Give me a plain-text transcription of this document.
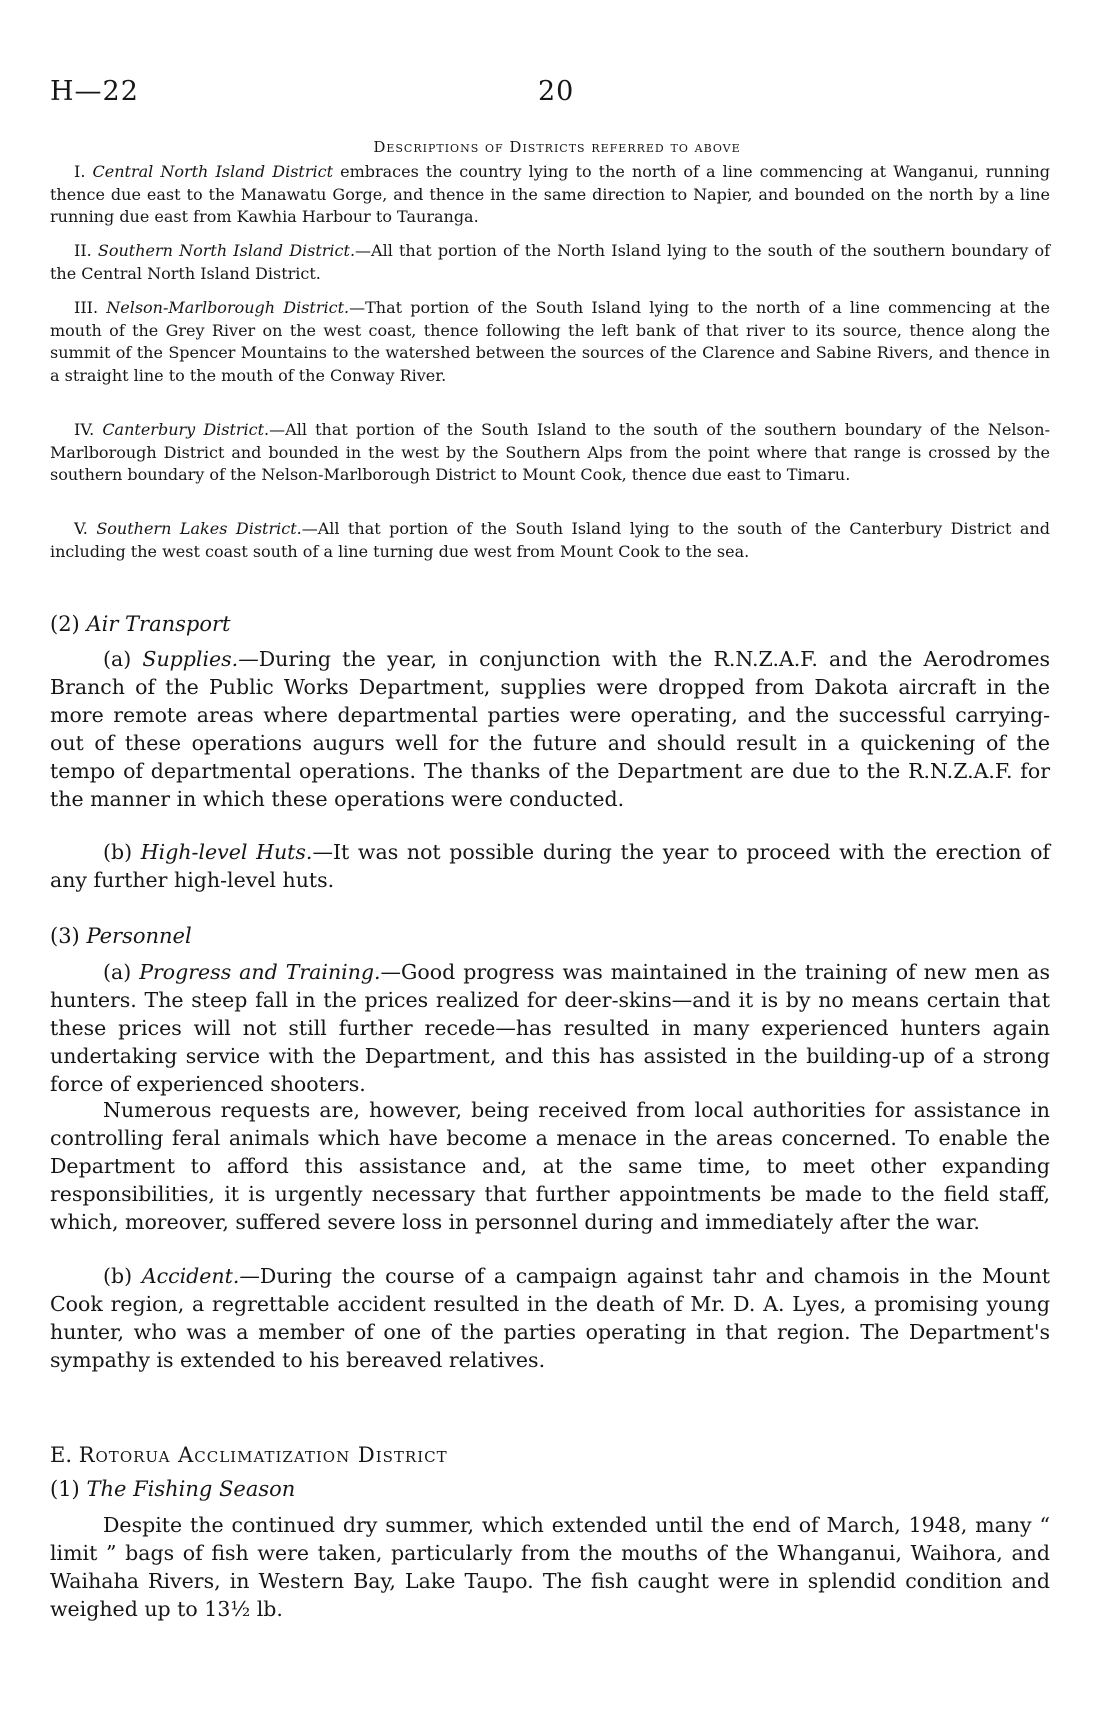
H—22	20
Descriptions of Districts referred to above

I. Central North Island District embraces the country lying to the north of a line commencing at Wanganui, running thence due east to the Manawatu Gorge, and thence in the same direction to Napier, and bounded on the north by a line running due east from Kawhia Harbour to Tauranga.

II. Southern North Island District.—All that portion of the North Island lying to the south of the southern boundary of the Central North Island District.

III. Nelson-Marlborough District.—That portion of the South Island lying to the north of a line commencing at the mouth of the Grey River on the west coast, thence following the left bank of that river to its source, thence along the summit of the Spencer Mountains to the watershed between the sources of the Clarence and Sabine Rivers, and thence in a straight line to the mouth of the Conway River.

IV. Canterbury District.—All that portion of the South Island to the south of the southern boundary of the Nelson-Marlborough District and bounded in the west by the Southern Alps from the point where that range is crossed by the southern boundary of the Nelson-Marlborough District to Mount Cook, thence due east to Timaru.

V. Southern Lakes District.—All that portion of the South Island lying to the south of the Canterbury District and including the west coast south of a line turning due west from Mount Cook to the sea.

(2) Air Transport

(a) Supplies.—During the year, in conjunction with the R.N.Z.A.F. and the Aerodromes Branch of the Public Works Department, supplies were dropped from Dakota aircraft in the more remote areas where departmental parties were operating, and the successful carrying-out of these operations augurs well for the future and should result in a quickening of the tempo of departmental operations. The thanks of the Department are due to the R.N.Z.A.F. for the manner in which these operations were conducted.

(b) High-level Huts.—It was not possible during the year to proceed with the erection of any further high-level huts.

(3) Personnel

(a) Progress and Training.—Good progress was maintained in the training of new men as hunters. The steep fall in the prices realized for deer-skins—and it is by no means certain that these prices will not still further recede—has resulted in many experienced hunters again undertaking service with the Department, and this has assisted in the building-up of a strong force of experienced shooters.

Numerous requests are, however, being received from local authorities for assistance in controlling feral animals which have become a menace in the areas concerned. To enable the Department to afford this assistance and, at the same time, to meet other expanding responsibilities, it is urgently necessary that further appointments be made to the field staff, which, moreover, suffered severe loss in personnel during and immediately after the war.

(b) Accident.—During the course of a campaign against tahr and chamois in the Mount Cook region, a regrettable accident resulted in the death of Mr. D. A. Lyes, a promising young hunter, who was a member of one of the parties operating in that region. The Department's sympathy is extended to his bereaved relatives.

E. Rotorua Acclimatization District
(1) The Fishing Season

Despite the continued dry summer, which extended until the end of March, 1948, many “ limit ” bags of fish were taken, particularly from the mouths of the Whanganui, Waihora, and Waihaha Rivers, in Western Bay, Lake Taupo. The fish caught were in splendid condition and weighed up to 13½ lb.
